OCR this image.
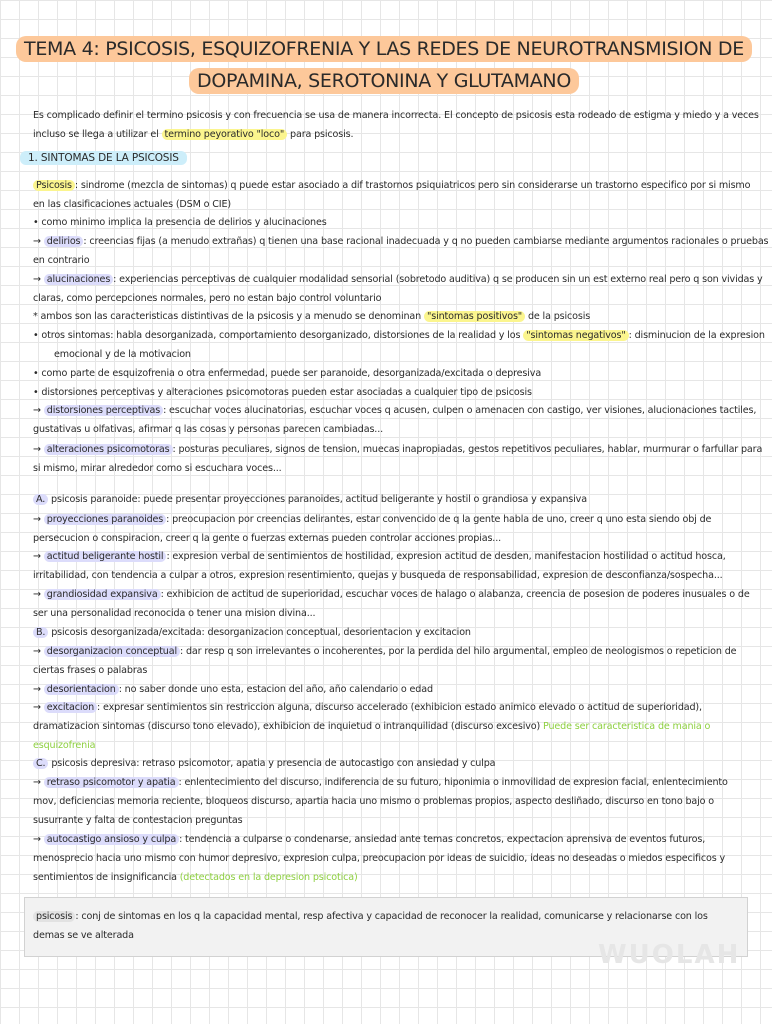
TEMA 4: PSICOSIS, ESQUIZOFRENIA Y LAS REDES DE NEUROTRANSMISION DE
DOPAMINA, SEROTONINA Y GLUTAMANO
Es complicado definir el termino psicosis y con frecuencia se usa de manera incorrecta. El concepto de psicosis esta rodeado de estigma y miedo y a veces
incluso se llega a utilizar el termino peyorativo "loco" para psicosis.
1. SINTOMAS DE LA PSICOSIS
Psicosis : sindrome (mezcla de sintomas) q puede estar asociado a dif trastornos psiquiatricos pero sin considerarse un trastorno especifico por si mismo
en las clasificaciones actuales (DSM o CIE)
• como minimo implica la presencia de delirios y alucinaciones
→ delirios : creencias fijas (a menudo extrañas) q tienen una base racional inadecuada y q no pueden cambiarse mediante argumentos racionales o pruebas
en contrario
→ alucinaciones : experiencias perceptivas de cualquier modalidad sensorial (sobretodo auditiva) q se producen sin un est externo real pero q son vividas y
claras, como percepciones normales, pero no estan bajo control voluntario
* ambos son las caracteristicas distintivas de la psicosis y a menudo se denominan "sintomas positivos" de la psicosis
• otros sintomas: habla desorganizada, comportamiento desorganizado, distorsiones de la realidad y los "sintomas negativos" : disminucion de la expresion
emocional y de la motivacion
• como parte de esquizofrenia o otra enfermedad, puede ser paranoide, desorganizada/excitada o depresiva
• distorsiones perceptivas y alteraciones psicomotoras pueden estar asociadas a cualquier tipo de psicosis
→ distorsiones perceptivas : escuchar voces alucinatorias, escuchar voces q acusen, culpen o amenacen con castigo, ver visiones, alucionaciones tactiles,
gustativas u olfativas, afirmar q las cosas y personas parecen cambiadas...
→ alteraciones psicomotoras : posturas peculiares, signos de tension, muecas inapropiadas, gestos repetitivos peculiares, hablar, murmurar o farfullar para
si mismo, mirar alrededor como si escuchara voces...
A. psicosis paranoide: puede presentar proyecciones paranoides, actitud beligerante y hostil o grandiosa y expansiva
→ proyecciones paranoides : preocupacion por creencias delirantes, estar convencido de q la gente habla de uno, creer q uno esta siendo obj de
persecucion o conspiracion, creer q la gente o fuerzas externas pueden controlar acciones propias...
→ actitud beligerante hostil : expresion verbal de sentimientos de hostilidad, expresion actitud de desden, manifestacion hostilidad o actitud hosca,
irritabilidad, con tendencia a culpar a otros, expresion resentimiento, quejas y busqueda de responsabilidad, expresion de desconfianza/sospecha...
→ grandiosidad expansiva : exhibicion de actitud de superioridad, escuchar voces de halago o alabanza, creencia de posesion de poderes inusuales o de
ser una personalidad reconocida o tener una mision divina...
B. psicosis desorganizada/excitada: desorganizacion conceptual, desorientacion y excitacion
→ desorganizacion conceptual : dar resp q son irrelevantes o incoherentes, por la perdida del hilo argumental, empleo de neologismos o repeticion de
ciertas frases o palabras
→ desorientacion : no saber donde uno esta, estacion del año, año calendario o edad
→ excitacion : expresar sentimientos sin restriccion alguna, discurso accelerado (exhibicion estado animico elevado o actitud de superioridad),
dramatizacion sintomas (discurso tono elevado), exhibicion de inquietud o intranquilidad (discurso excesivo) Puede ser caracteristica de mania o
esquizofrenia
C. psicosis depresiva: retraso psicomotor, apatia y presencia de autocastigo con ansiedad y culpa
→ retraso psicomotor y apatia : enlentecimiento del discurso, indiferencia de su futuro, hiponimia o inmovilidad de expresion facial, enlentecimiento
mov, deficiencias memoria reciente, bloqueos discurso, apartia hacia uno mismo o problemas propios, aspecto desliñado, discurso en tono bajo o
susurrante y falta de contestacion preguntas
→ autocastigo ansioso y culpa : tendencia a culparse o condenarse, ansiedad ante temas concretos, expectacion aprensiva de eventos futuros,
menosprecio hacia uno mismo con humor depresivo, expresion culpa, preocupacion por ideas de suicidio, ideas no deseadas o miedos especificos y
sentimientos de insignificancia (detectados en la depresion psicotica)
psicosis : conj de sintomas en los q la capacidad mental, resp afectiva y capacidad de reconocer la realidad, comunicarse y relacionarse con los
demas se ve alterada
WUOLAH
